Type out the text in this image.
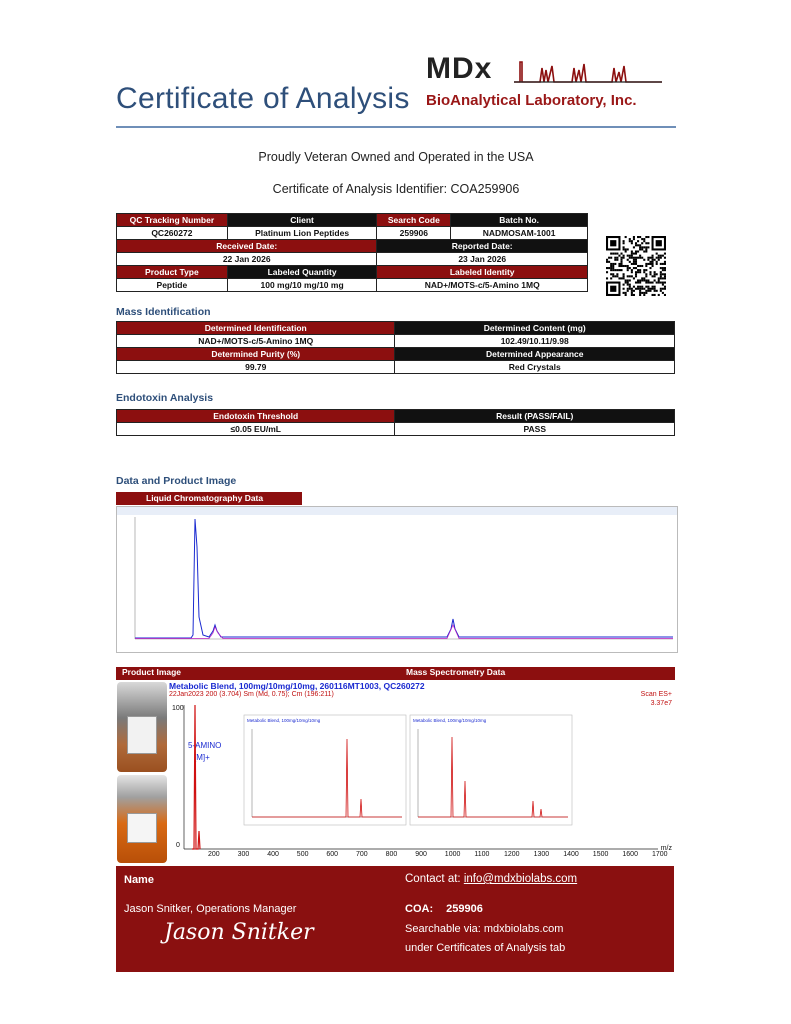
Certificate of Analysis
MDx
BioAnalytical Laboratory, Inc.
Proudly Veteran Owned and Operated in the USA
Certificate of Analysis Identifier: COA259906
QC Tracking Number	Client	Search Code	Batch No.
QC260272	Platinum Lion Peptides	259906	NADMOSAM-1001
Received Date:		Reported Date:	
22 Jan 2026		23 Jan 2026	
Product Type	Labeled Quantity	Labeled Identity	
Peptide	100 mg/10 mg/10 mg	NAD+/MOTS-c/5-Amino 1MQ	
Mass Identification
Determined Identification	Determined Content (mg)
NAD+/MOTS-c/5-Amino 1MQ	102.49/10.11/9.98
Determined Purity (%)	Determined Appearance
99.79	Red Crystals
Endotoxin Analysis
Endotoxin Threshold	Result (PASS/FAIL)
≤0.05 EU/mL	PASS
Data and Product Image
Liquid Chromatography Data
Product Image	Mass Spectrometry Data
Metabolic Blend, 100mg/10mg/10mg, 260116MT1003, QC260272
22Jan2023 200 (3.704) Sm (Md, 0.75); Cm (196:211)	Scan ES+
3.37e7
100
0
5-AMINO
[M]+
m/z
Metabolic Blend, 100mg/10mg/10mg	Metabolic Blend, 100mg/10mg/10mg
200	300	400	500	600	700	800	900	1000 1100 1200 1300 1400 1500 1600 1700
Name
Jason Snitker, Operations Manager
Jason Snitker
Contact at: info@mdxbiolabs.com
COA: 259906
Searchable via: mdxbiolabs.com
under Certificates of Analysis tab
